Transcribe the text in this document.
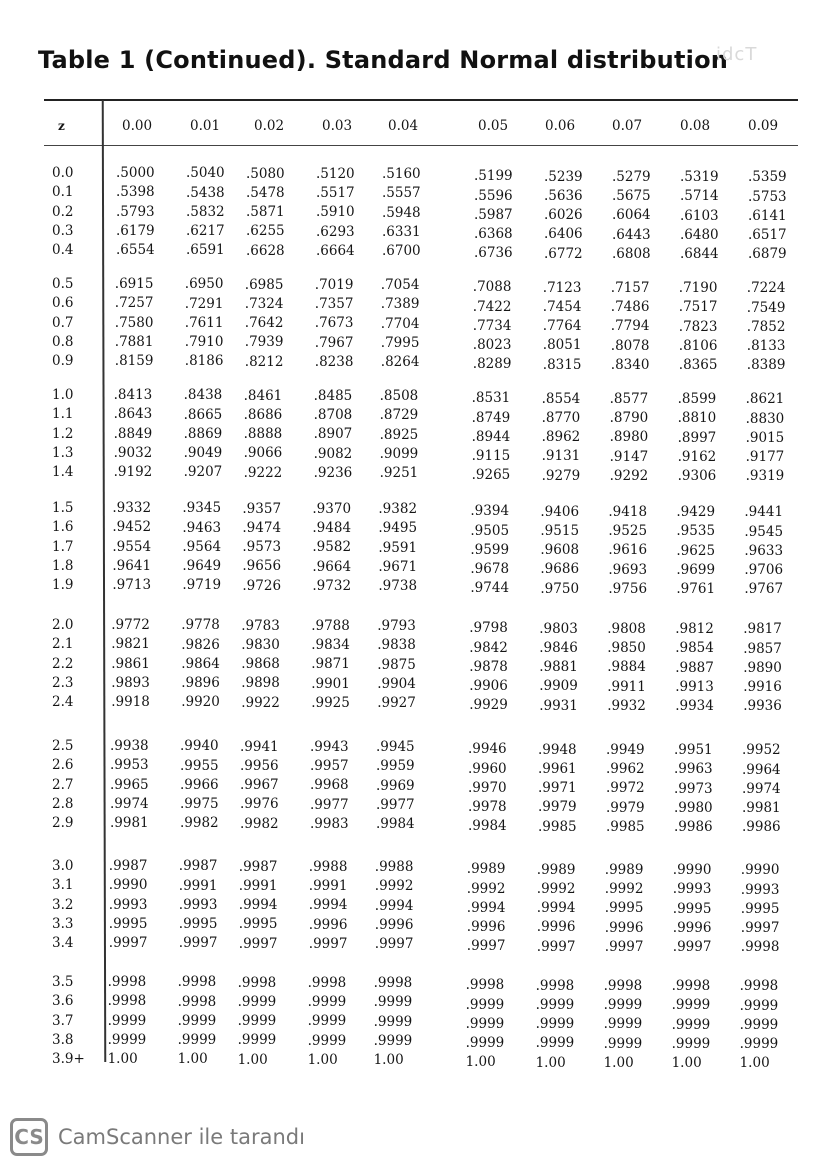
Table 1 (Continued). Standard Normal distribution
idcT
z	0.00	0.01	0.02	0.03	0.04	0.05	0.06	0.07	0.08	0.09
0.0	.5000 .5040 .5080 .5120 .5160	.5199 .5239 .5279 .5319 .5359
0.1	.5398 .5438 .5478 .5517 .5557	.5596 .5636 .5675 .5714 .5753
0.2	.5793 .5832 .5871 .5910 .5948	.5987 .6026 .6064 .6103 .6141
0.3	.6179 .6217 .6255 .6293 .6331	.6368 .6406 .6443 .6480 .6517
0.4	.6554 .6591 .6628 .6664 .6700	.6736 .6772 .6808 .6844 .6879
0.5	.6915 .6950 .6985 .7019 .7054	.7088 .7123 .7157 .7190 .7224
0.6	.7257 .7291 .7324 .7357 .7389	.7422 .7454 .7486 .7517 .7549
0.7	.7580 .7611 .7642 .7673 .7704	.7734 .7764 .7794 .7823 .7852
0.8	.7881 .7910 .7939 .7967 .7995	.8023 .8051 .8078 .8106 .8133
0.9	.8159 .8186 .8212 .8238 .8264	.8289 .8315 .8340 .8365 .8389
1.0	.8413 .8438 .8461 .8485 .8508	.8531 .8554 .8577 .8599 .8621
1.1	.8643 .8665 .8686 .8708 .8729	.8749 .8770 .8790 .8810 .8830
1.2	.8849 .8869 .8888 .8907 .8925	.8944 .8962 .8980 .8997 .9015
1.3	.9032 .9049 .9066 .9082 .9099	.9115 .9131 .9147 .9162 .9177
1.4	.9192 .9207 .9222 .9236 .9251	.9265 .9279 .9292 .9306 .9319
1.5	.9332 .9345 .9357 .9370 .9382	.9394 .9406 .9418 .9429 .9441
1.6	.9452 .9463 .9474 .9484 .9495	.9505 .9515 .9525 .9535 .9545
1.7	.9554 .9564 .9573 .9582 .9591	.9599 .9608 .9616 .9625 .9633
1.8	.9641 .9649 .9656 .9664 .9671	.9678 .9686 .9693 .9699 .9706
1.9	.9713 .9719 .9726 .9732 .9738	.9744 .9750 .9756 .9761 .9767
2.0	.9772 .9778 .9783 .9788 .9793	.9798 .9803 .9808 .9812 .9817
2.1	.9821 .9826 .9830 .9834 .9838	.9842 .9846 .9850 .9854 .9857
2.2	.9861 .9864 .9868 .9871 .9875	.9878 .9881 .9884 .9887 .9890
2.3	.9893 .9896 .9898 .9901 .9904	.9906 .9909 .9911 .9913 .9916
2.4	.9918 .9920 .9922 .9925 .9927	.9929 .9931 .9932 .9934 .9936
2.5	.9938 .9940 .9941 .9943 .9945	.9946 .9948 .9949 .9951 .9952
2.6	.9953 .9955 .9956 .9957 .9959	.9960 .9961 .9962 .9963 .9964
2.7	.9965 .9966 .9967 .9968 .9969	.9970 .9971 .9972 .9973 .9974
2.8	.9974 .9975 .9976 .9977 .9977	.9978 .9979 .9979 .9980 .9981
2.9	.9981 .9982 .9982 .9983 .9984	.9984 .9985 .9985 .9986 .9986
3.0	.9987 .9987 .9987 .9988 .9988	.9989 .9989 .9989 .9990 .9990
3.1	.9990 .9991 .9991 .9991 .9992	.9992 .9992 .9992 .9993 .9993
3.2	.9993 .9993 .9994 .9994 .9994	.9994 .9994 .9995 .9995 .9995
3.3	.9995 .9995 .9995 .9996 .9996	.9996 .9996 .9996 .9996 .9997
3.4	.9997 .9997 .9997 .9997 .9997	.9997 .9997 .9997 .9997 .9998
3.5	.9998 .9998 .9998 .9998 .9998	.9998 .9998 .9998 .9998 .9998
3.6	.9998 .9998 .9999 .9999 .9999	.9999 .9999 .9999 .9999 .9999
3.7	.9999 .9999 .9999 .9999 .9999	.9999 .9999 .9999 .9999 .9999
3.8	.9999 .9999 .9999 .9999 .9999	.9999 .9999 .9999 .9999 .9999
3.9+ 1.00	1.00 1.00	1.00	1.00	1.00	1.00	1.00	1.00	1.00
CS CamScanner ile tarandı
